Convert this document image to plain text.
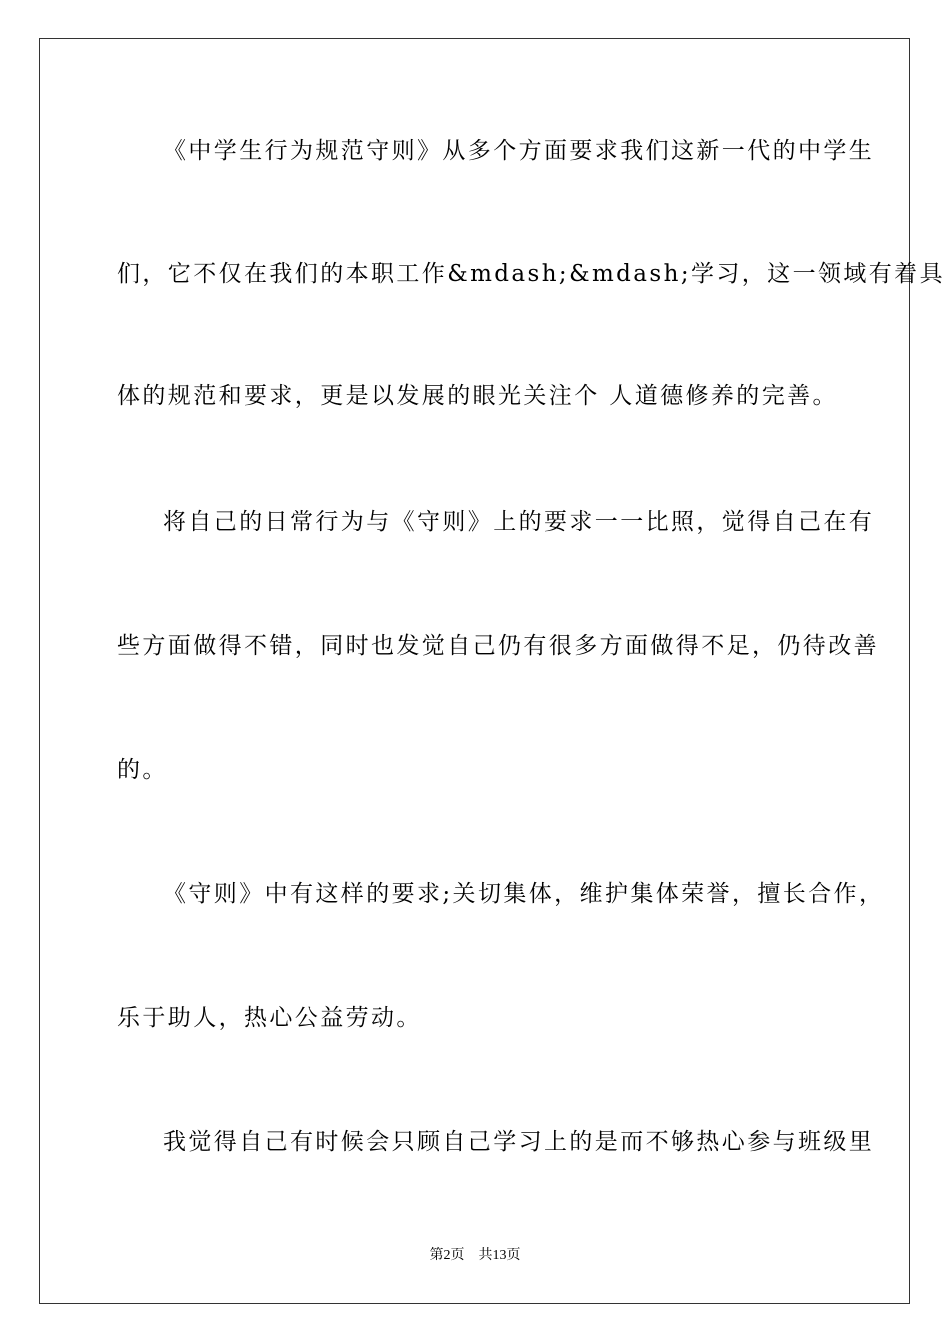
《中学生行为规范守则》从多个方面要求我们这新一代的中学生
们，它不仅在我们的本职工作&mdash;&mdash;学习，这一领域有着具
体的规范和要求，更是以发展的眼光关注个 人道德修养的完善。
将自己的日常行为与《守则》上的要求一一比照，觉得自己在有
些方面做得不错，同时也发觉自己仍有很多方面做得不足，仍待改善
的。
《守则》中有这样的要求;关切集体，维护集体荣誉，擅长合作，
乐于助人，热心公益劳动。
我觉得自己有时候会只顾自己学习上的是而不够热心参与班级里
第2页 共13页
